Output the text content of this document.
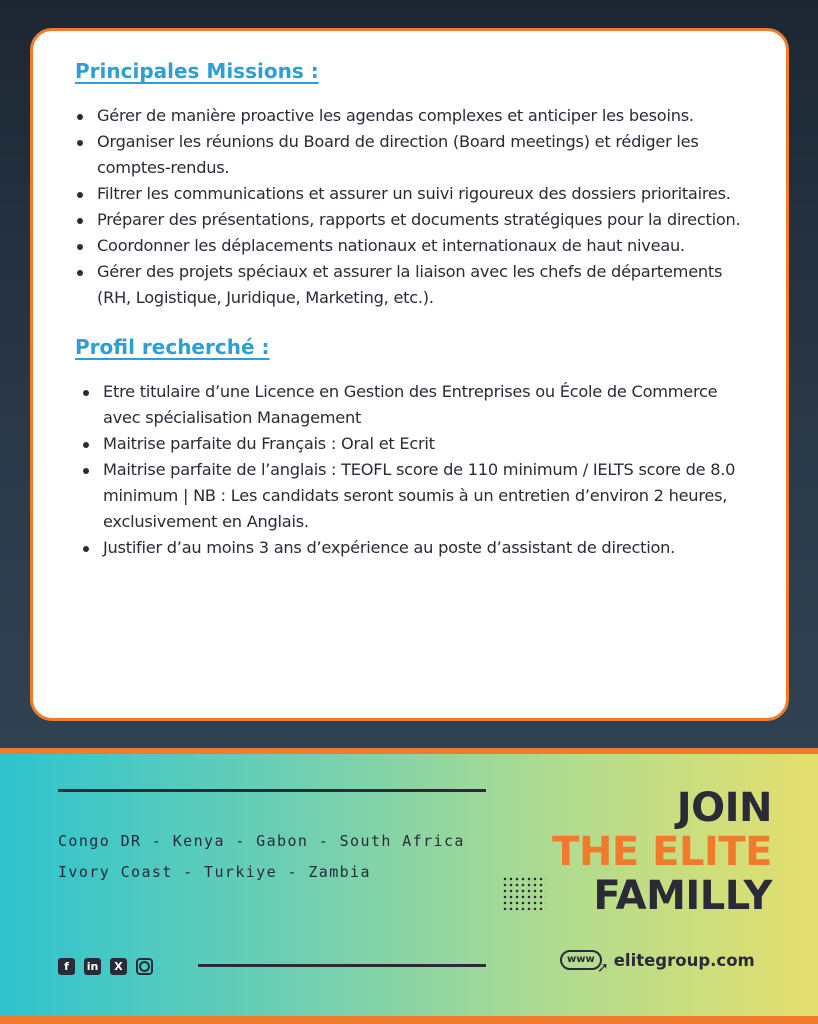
Principales Missions :
Gérer de manière proactive les agendas complexes et anticiper les besoins.
Organiser les réunions du Board de direction (Board meetings) et rédiger les comptes-rendus.
Filtrer les communications et assurer un suivi rigoureux des dossiers prioritaires.
Préparer des présentations, rapports et documents stratégiques pour la direction.
Coordonner les déplacements nationaux et internationaux de haut niveau.
Gérer des projets spéciaux et assurer la liaison avec les chefs de départements (RH, Logistique, Juridique, Marketing, etc.).
Profil recherché :
Etre titulaire d’une Licence en Gestion des Entreprises ou École de Commerce avec spécialisation Management
Maitrise parfaite du Français : Oral et Ecrit
Maitrise parfaite de l’anglais : TEOFL score de 110 minimum / IELTS score de 8.0 minimum | NB : Les candidats seront soumis à un entretien d’environ 2 heures, exclusivement en Anglais.
Justifier d’au moins 3 ans d’expérience au poste d’assistant de direction.
Congo DR - Kenya - Gabon - South Africa
Ivory Coast - Turkiye - Zambia
JOIN
THE ELITE
FAMILLY
f	in	X
www
➚ elitegroup.com
